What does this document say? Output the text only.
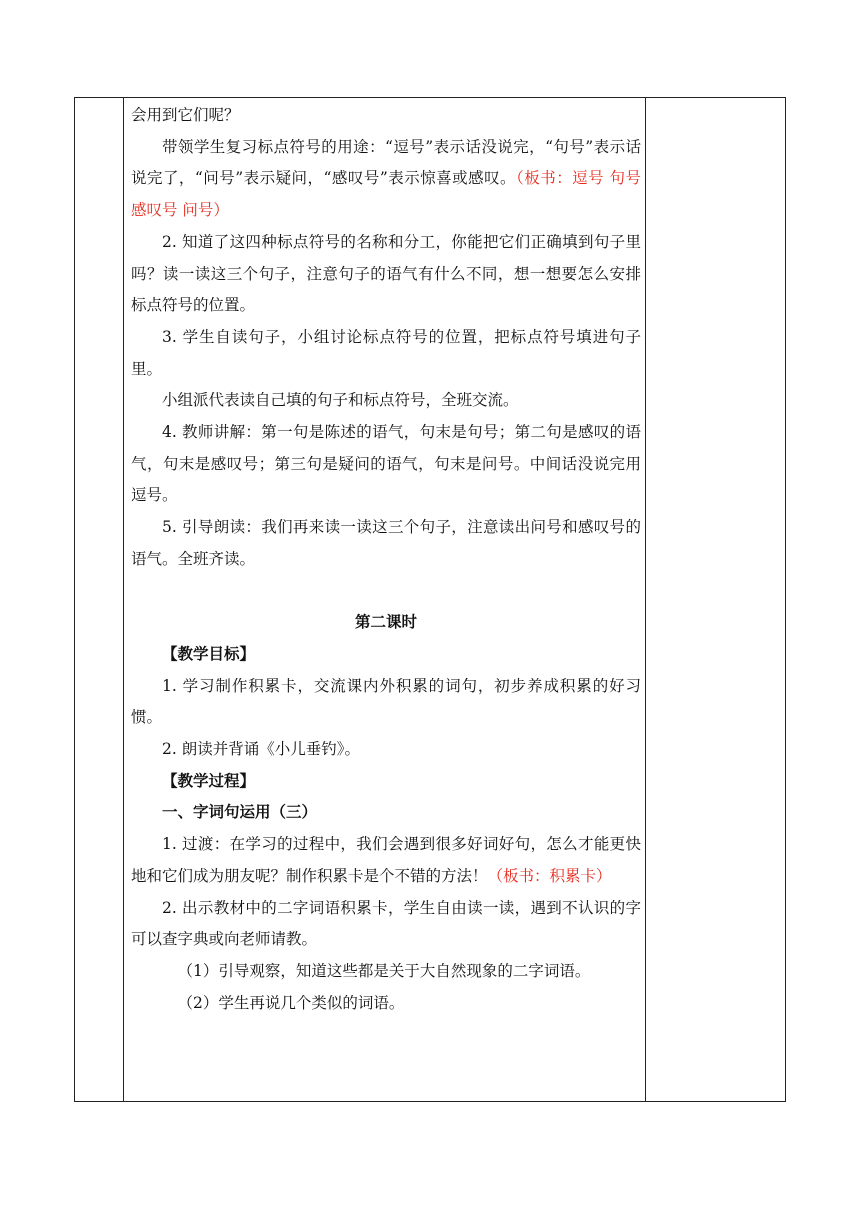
会用到它们呢？

带领学生复习标点符号的用途：“逗号”表示话没说完，“句号”表示话说完了，“问号”表示疑问，“感叹号”表示惊喜或感叹。（板书：逗号 句号 感叹号 问号）

2. 知道了这四种标点符号的名称和分工，你能把它们正确填到句子里吗？读一读这三个句子，注意句子的语气有什么不同，想一想要怎么安排标点符号的位置。

3. 学生自读句子，小组讨论标点符号的位置，把标点符号填进句子里。

小组派代表读自己填的句子和标点符号，全班交流。

4. 教师讲解：第一句是陈述的语气，句末是句号；第二句是感叹的语气，句末是感叹号；第三句是疑问的语气，句末是问号。中间话没说完用逗号。

5. 引导朗读：我们再来读一读这三个句子，注意读出问号和感叹号的语气。全班齐读。

第二课时

【教学目标】

1. 学习制作积累卡，交流课内外积累的词句，初步养成积累的好习惯。

2. 朗读并背诵《小儿垂钓》。

【教学过程】

一、字词句运用（三）

1. 过渡：在学习的过程中，我们会遇到很多好词好句，怎么才能更快地和它们成为朋友呢？制作积累卡是个不错的方法！（板书：积累卡）

2. 出示教材中的二字词语积累卡，学生自由读一读，遇到不认识的字可以查字典或向老师请教。

（1）引导观察，知道这些都是关于大自然现象的二字词语。

（2）学生再说几个类似的词语。
